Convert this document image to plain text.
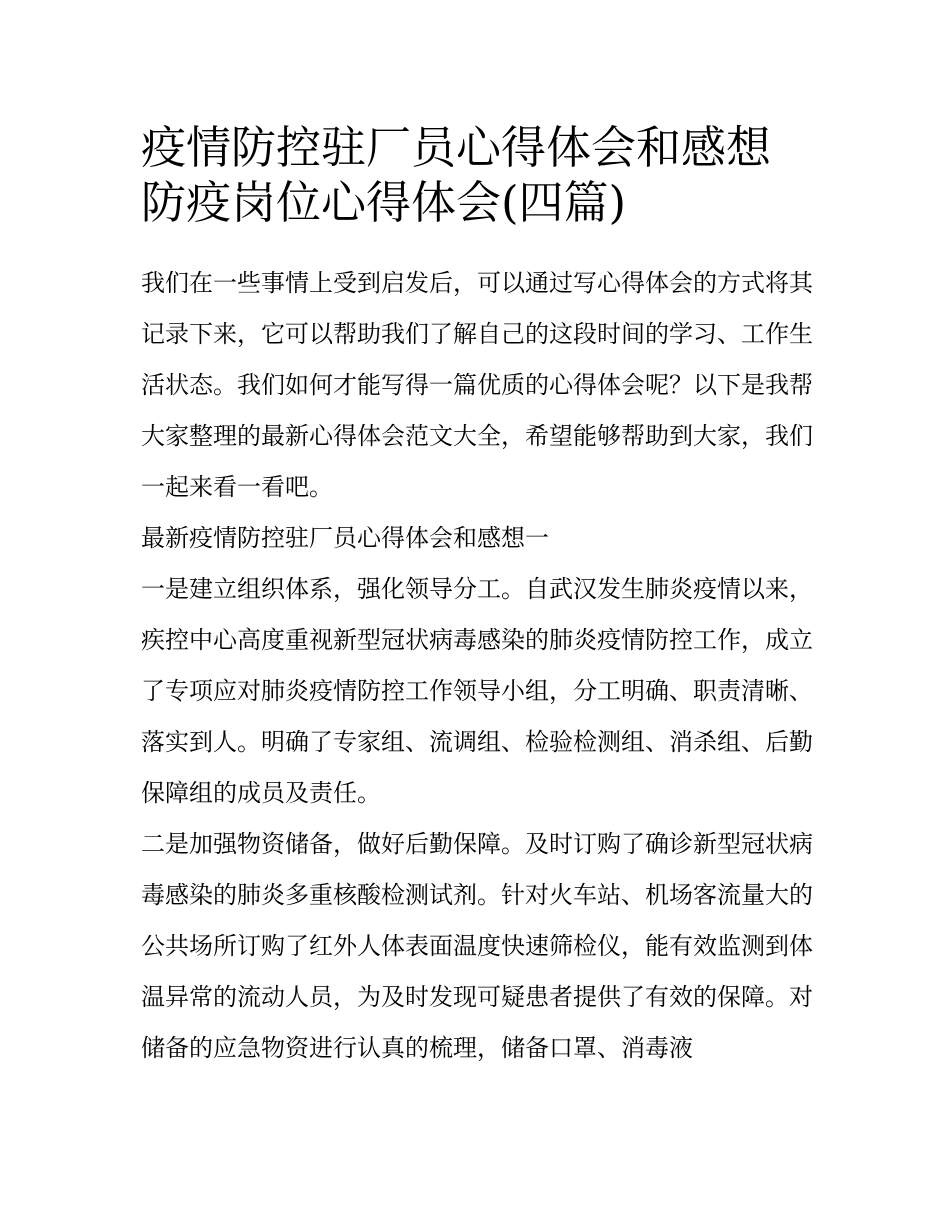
疫情防控驻厂员心得体会和感想 防疫岗位心得体会(四篇)

我们在一些事情上受到启发后，可以通过写心得体会的方式将其记录下来，它可以帮助我们了解自己的这段时间的学习、工作生活状态。我们如何才能写得一篇优质的心得体会呢？以下是我帮大家整理的最新心得体会范文大全，希望能够帮助到大家，我们一起来看一看吧。

最新疫情防控驻厂员心得体会和感想一

一是建立组织体系，强化领导分工。自武汉发生肺炎疫情以来，疾控中心高度重视新型冠状病毒感染的肺炎疫情防控工作，成立了专项应对肺炎疫情防控工作领导小组，分工明确、职责清晰、落实到人。明确了专家组、流调组、检验检测组、消杀组、后勤保障组的成员及责任。

二是加强物资储备，做好后勤保障。及时订购了确诊新型冠状病毒感染的肺炎多重核酸检测试剂。针对火车站、机场客流量大的公共场所订购了红外人体表面温度快速筛检仪，能有效监测到体温异常的流动人员，为及时发现可疑患者提供了有效的保障。对储备的应急物资进行认真的梳理，储备口罩、消毒液
